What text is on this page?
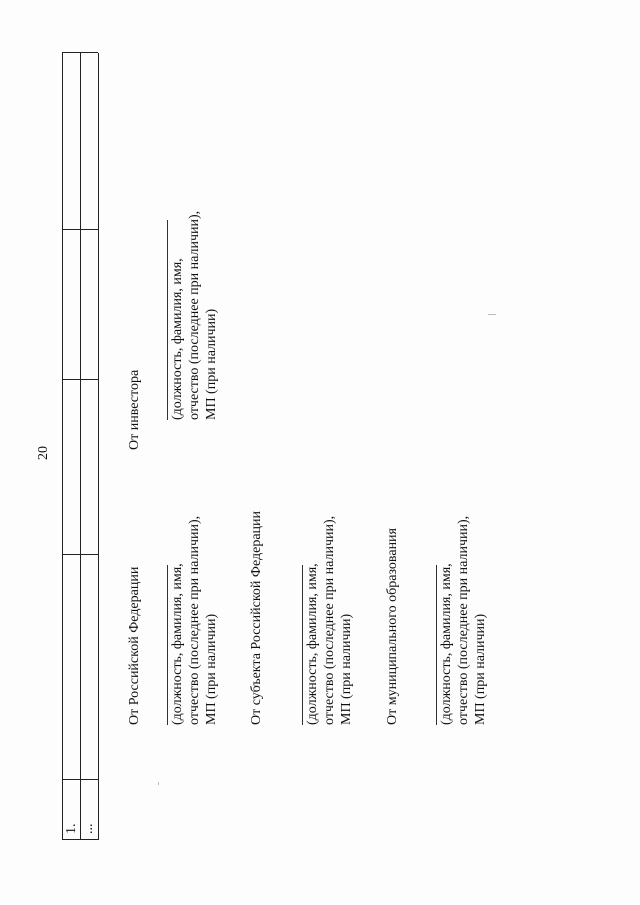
20
1. ...
От Российской Федерации (должность, фамилия, имя, отчество (последнее при наличии), МП (при наличии) От субъекта Российской Федерации	(должность, фамилия, имя, отчество (последнее при наличии), МП (при наличии) От муниципального образования	(должность, фамилия, имя, отчество (последнее при наличии), МП (при наличии)
От инвестора (должность, фамилия, имя, отчество (последнее при наличии), МП (при наличии)
